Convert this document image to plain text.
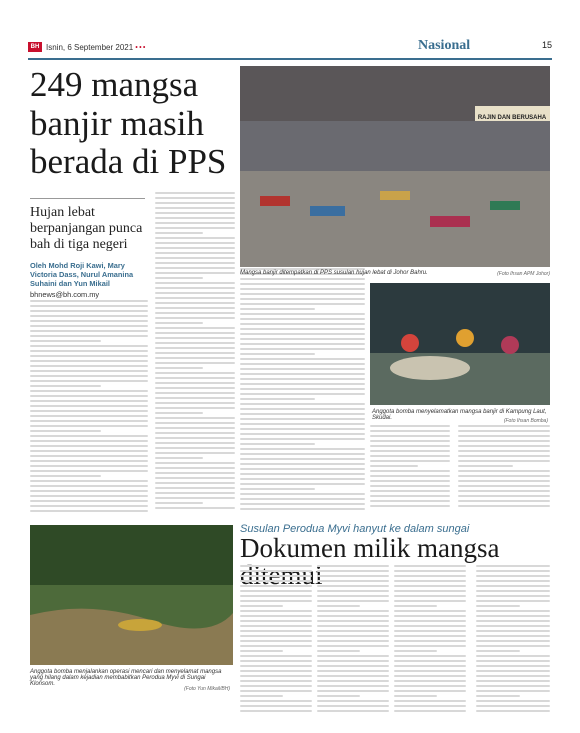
BH Isnin, 6 September 2021 •••	Nasional	15
249 mangsa banjir masih berada di PPS
Hujan lebat berpanjangan punca bah di tiga negeri
Oleh Mohd Roji Kawi, Mary Victoria Dass, Nurul Amanina Suhaini dan Yun Mikail
bhnews@bh.com.my
RAJIN DAN BERUSAHA
Mangsa banjir ditempatkan di PPS susulan hujan lebat di Johor Bahru.	(Foto Ihsan APM Johor)
Anggota bomba menyelamatkan mangsa banjir di Kampung Laut, Skudai.	(Foto Ihsan Bomba)
Susulan Perodua Myvi hanyut ke dalam sungai
Dokumen milik mangsa
Anggota bomba menjalankan operasi mencari dan menyelamat mangsa yang hilang dalam kejadian membabitkan Perodua Myvi di Sungai Klonsom.
(Foto Yun Mikail/BH)
